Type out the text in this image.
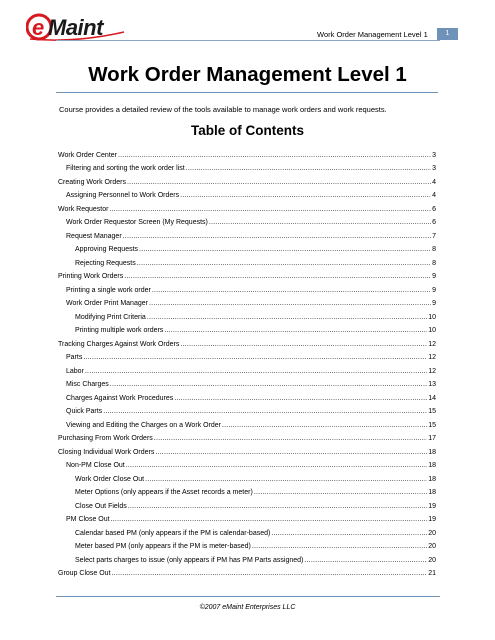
e Maint	Work Order Management Level 1	1
Work Order Management Level 1
Course provides a detailed review of the tools available to manage work orders and work requests.
Table of Contents
Work Order Center .....	3
Filtering and sorting the work order list .....	3
Creating Work Orders .....	4
Assigning Personnel to Work Orders .....	4
Work Requestor .....	6
Work Order Requestor Screen (My Requests) .....	6
Request Manager .....	7
Approving Requests .....	8
Rejecting Requests .....	8
Printing Work Orders .....	9
Printing a single work order .....	9
Work Order Print Manager .....	9
Modifying Print Criteria .....	10
Printing multiple work orders .....	10
Tracking Charges Against Work Orders .....	12
Parts .....	12
Labor .....	12
Misc Charges .....	13
Charges Against Work Procedures .....	14
Quick Parts .....	15
Viewing and Editing the Charges on a Work Order .....	15
Purchasing From Work Orders .....	17
Closing Individual Work Orders .....	18
Non-PM Close Out .....	18
Work Order Close Out .....	18
Meter Options (only appears if the Asset records a meter) .....	18
Close Out Fields .....	19
PM Close Out .....	19
Calendar based PM (only appears if the PM is calendar-based) .....	20
Meter based PM (only appears if the PM is meter-based) .....	20
Select parts charges to issue (only appears if PM has PM Parts assigned) .....	20
Group Close Out .....	21
©2007 eMaint Enterprises LLC
